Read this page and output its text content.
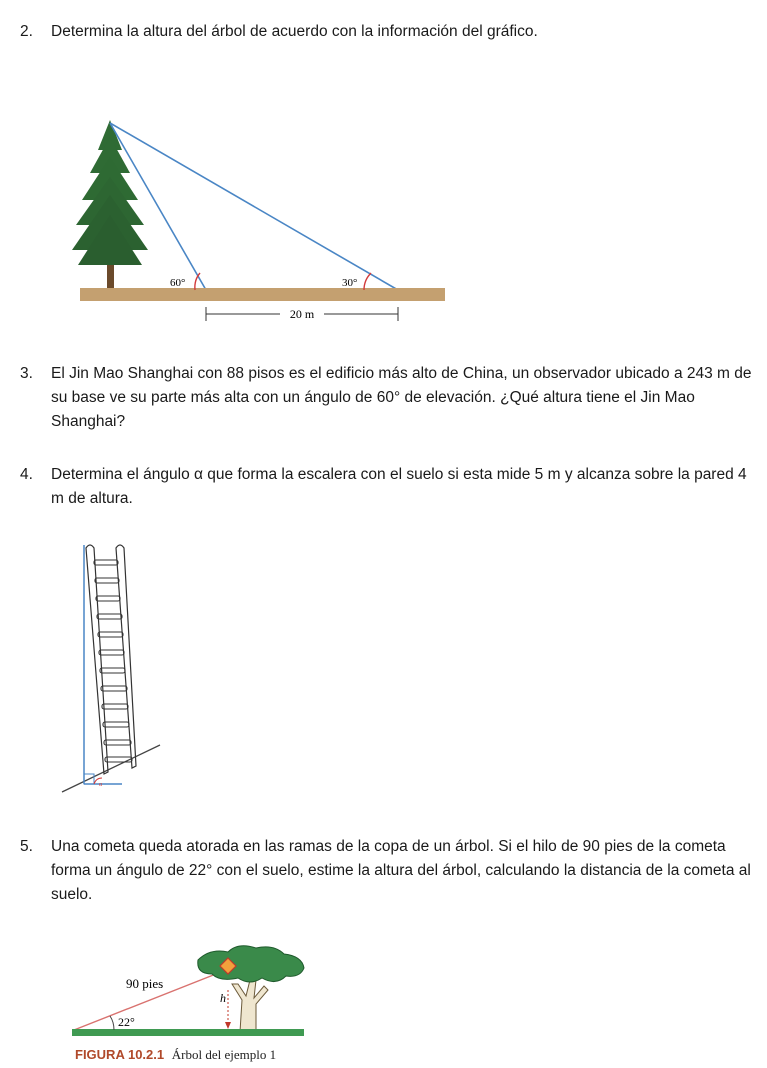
2. Determina la altura del árbol de acuerdo con la información del gráfico.
60°	30°
20 m
3. El Jin Mao Shanghai con 88 pisos es el edificio más alto de China, un observador ubicado a 243 m de su base ve su parte más alta con un ángulo de 60° de elevación. ¿Qué altura tiene el Jin Mao Shanghai?
4. Determina el ángulo α que forma la escalera con el suelo si esta mide 5 m y alcanza sobre la pared 4 m de altura.
α
5. Una cometa queda atorada en las ramas de la copa de un árbol. Si el hilo de 90 pies de la cometa forma un ángulo de 22° con el suelo, estime la altura del árbol, calculando la distancia de la cometa al suelo.
90 pies
h
22°
FIGURA 10.2.1 Árbol del ejemplo 1
